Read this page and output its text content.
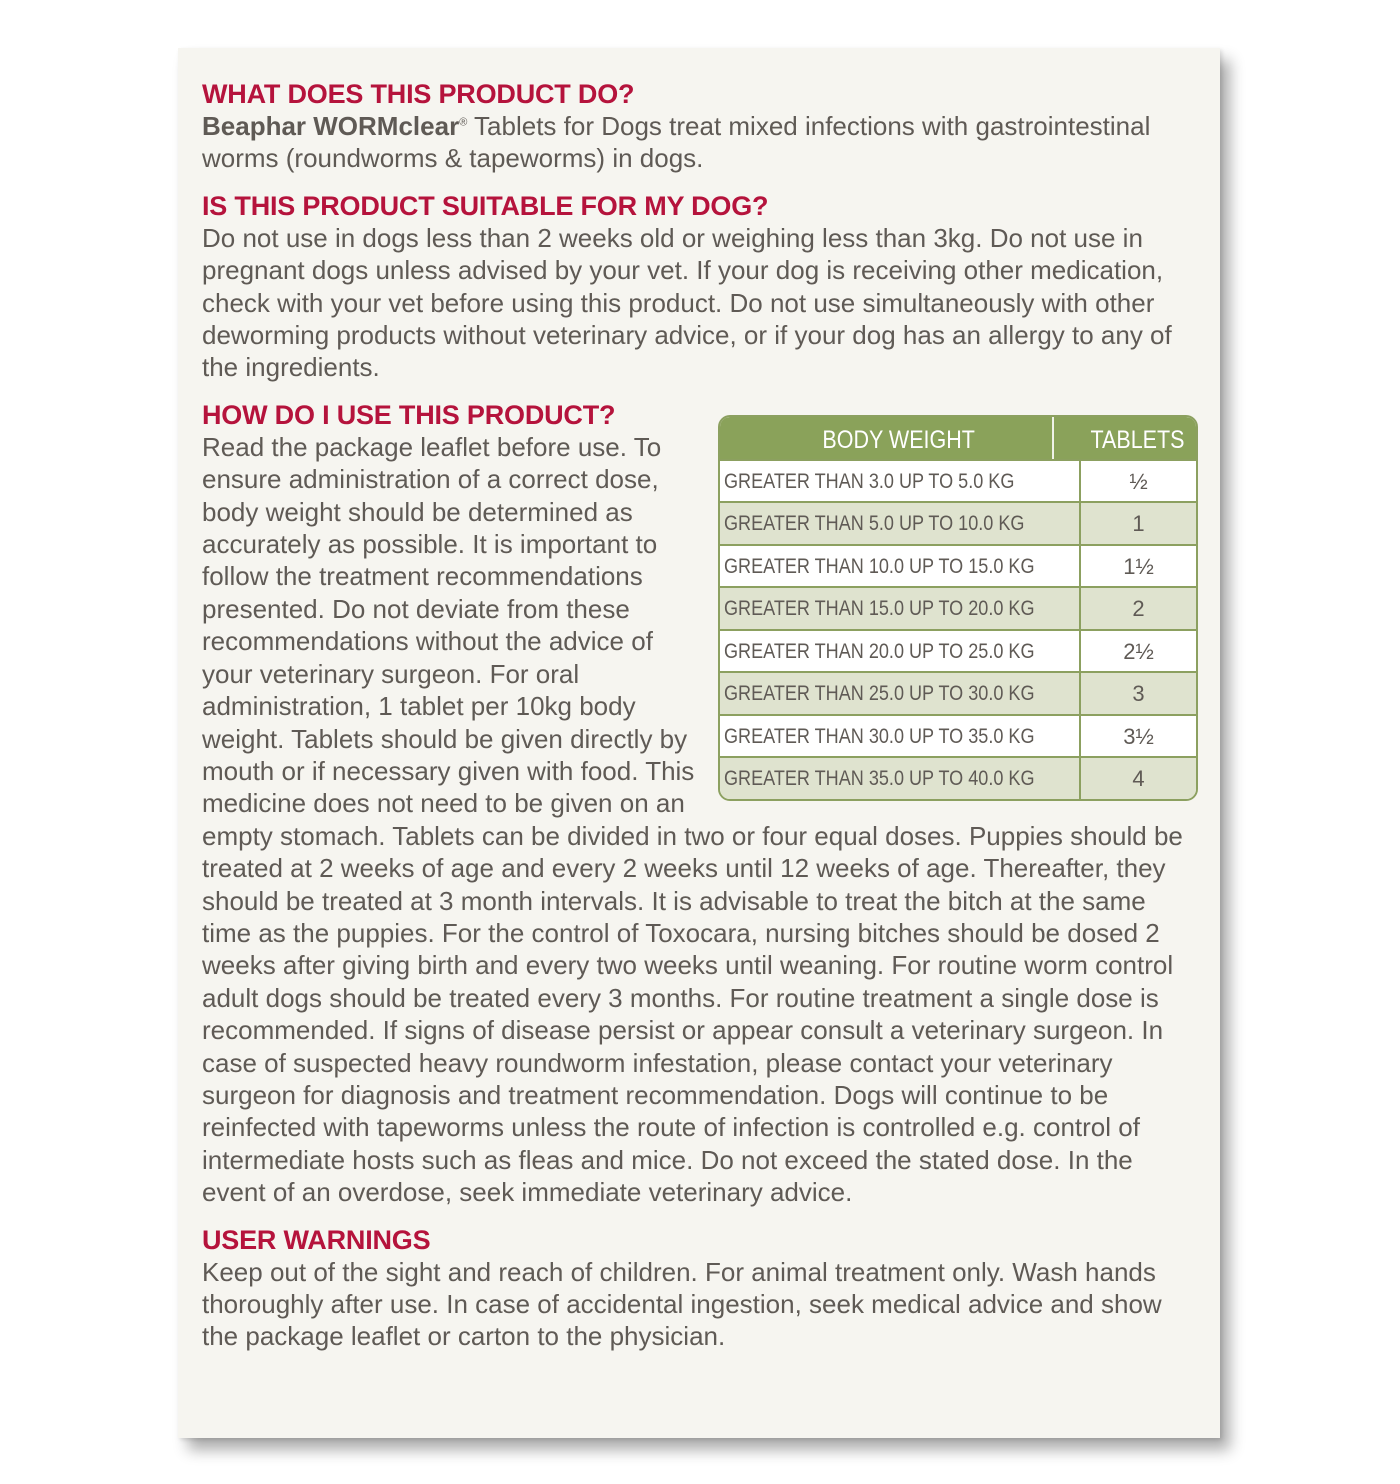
WHAT DOES THIS PRODUCT DO?

Beaphar WORMclear® Tablets for Dogs treat mixed infections with gastrointestinal worms (roundworms & tapeworms) in dogs.

IS THIS PRODUCT SUITABLE FOR MY DOG?

Do not use in dogs less than 2 weeks old or weighing less than 3kg. Do not use in pregnant dogs unless advised by your vet. If your dog is receiving other medication, check with your vet before using this product. Do not use simultaneously with other deworming products without veterinary advice, or if your dog has an allergy to any of the ingredients.

HOW DO I USE THIS PRODUCT?
BODY WEIGHT	TABLETS
GREATER THAN 3.0 UP TO 5.0 KG	½
GREATER THAN 5.0 UP TO 10.0 KG	1
GREATER THAN 10.0 UP TO 15.0 KG	1½
GREATER THAN 15.0 UP TO 20.0 KG	2
GREATER THAN 20.0 UP TO 25.0 KG	2½
GREATER THAN 25.0 UP TO 30.0 KG	3
GREATER THAN 30.0 UP TO 35.0 KG	3½
GREATER THAN 35.0 UP TO 40.0 KG	4

Read the package leaflet before use. To ensure administration of a correct dose, body weight should be determined as accurately as possible. It is important to follow the treatment recommendations presented. Do not deviate from these recommendations without the advice of your veterinary surgeon. For oral administration, 1 tablet per 10kg body weight. Tablets should be given directly by mouth or if necessary given with food. This medicine does not need to be given on an empty stomach. Tablets can be divided in two or four equal doses. Puppies should be treated at 2 weeks of age and every 2 weeks until 12 weeks of age. Thereafter, they should be treated at 3 month intervals. It is advisable to treat the bitch at the same time as the puppies. For the control of Toxocara, nursing bitches should be dosed 2 weeks after giving birth and every two weeks until weaning. For routine worm control adult dogs should be treated every 3 months. For routine treatment a single dose is recommended. If signs of disease persist or appear consult a veterinary surgeon. In case of suspected heavy roundworm infestation, please contact your veterinary surgeon for diagnosis and treatment recommendation. Dogs will continue to be reinfected with tapeworms unless the route of infection is controlled e.g. control of intermediate hosts such as fleas and mice. Do not exceed the stated dose. In the event of an overdose, seek immediate veterinary advice.

USER WARNINGS

Keep out of the sight and reach of children. For animal treatment only. Wash hands thoroughly after use. In case of accidental ingestion, seek medical advice and show the package leaflet or carton to the physician.
